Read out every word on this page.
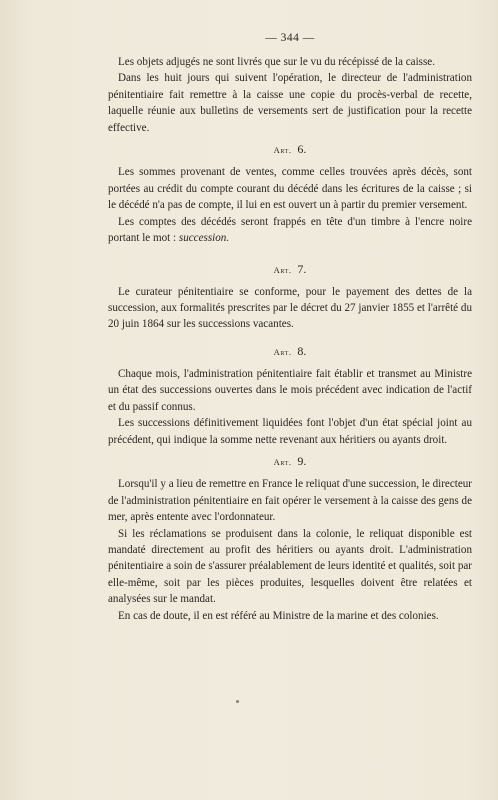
— 344 —

Les objets adjugés ne sont livrés que sur le vu du récépissé de la caisse.

Dans les huit jours qui suivent l'opération, le directeur de l'administration pénitentiaire fait remettre à la caisse une copie du procès-verbal de recette, laquelle réunie aux bulletins de versements sert de justification pour la recette effective.

Art. 6.

Les sommes provenant de ventes, comme celles trouvées après décès, sont portées au crédit du compte courant du décédé dans les écritures de la caisse ; si le décédé n'a pas de compte, il lui en est ouvert un à partir du premier versement.

Les comptes des décédés seront frappés en tête d'un timbre à l'encre noire portant le mot : succession.

Art. 7.

Le curateur pénitentiaire se conforme, pour le payement des dettes de la succession, aux formalités prescrites par le décret du 27 janvier 1855 et l'arrêté du 20 juin 1864 sur les successions vacantes.

Art. 8.

Chaque mois, l'administration pénitentiaire fait établir et transmet au Ministre un état des successions ouvertes dans le mois précédent avec indication de l'actif et du passif connus.

Les successions définitivement liquidées font l'objet d'un état spécial joint au précédent, qui indique la somme nette revenant aux héritiers ou ayants droit.

Art. 9.

Lorsqu'il y a lieu de remettre en France le reliquat d'une succession, le directeur de l'administration pénitentiaire en fait opérer le versement à la caisse des gens de mer, après entente avec l'ordonnateur.

Si les réclamations se produisent dans la colonie, le reliquat disponible est mandaté directement au profit des héritiers ou ayants droit. L'administration pénitentiaire a soin de s'assurer préalablement de leurs identité et qualités, soit par elle-même, soit par les pièces produites, lesquelles doivent être relatées et analysées sur le mandat.

En cas de doute, il en est référé au Ministre de la marine et des colonies.
